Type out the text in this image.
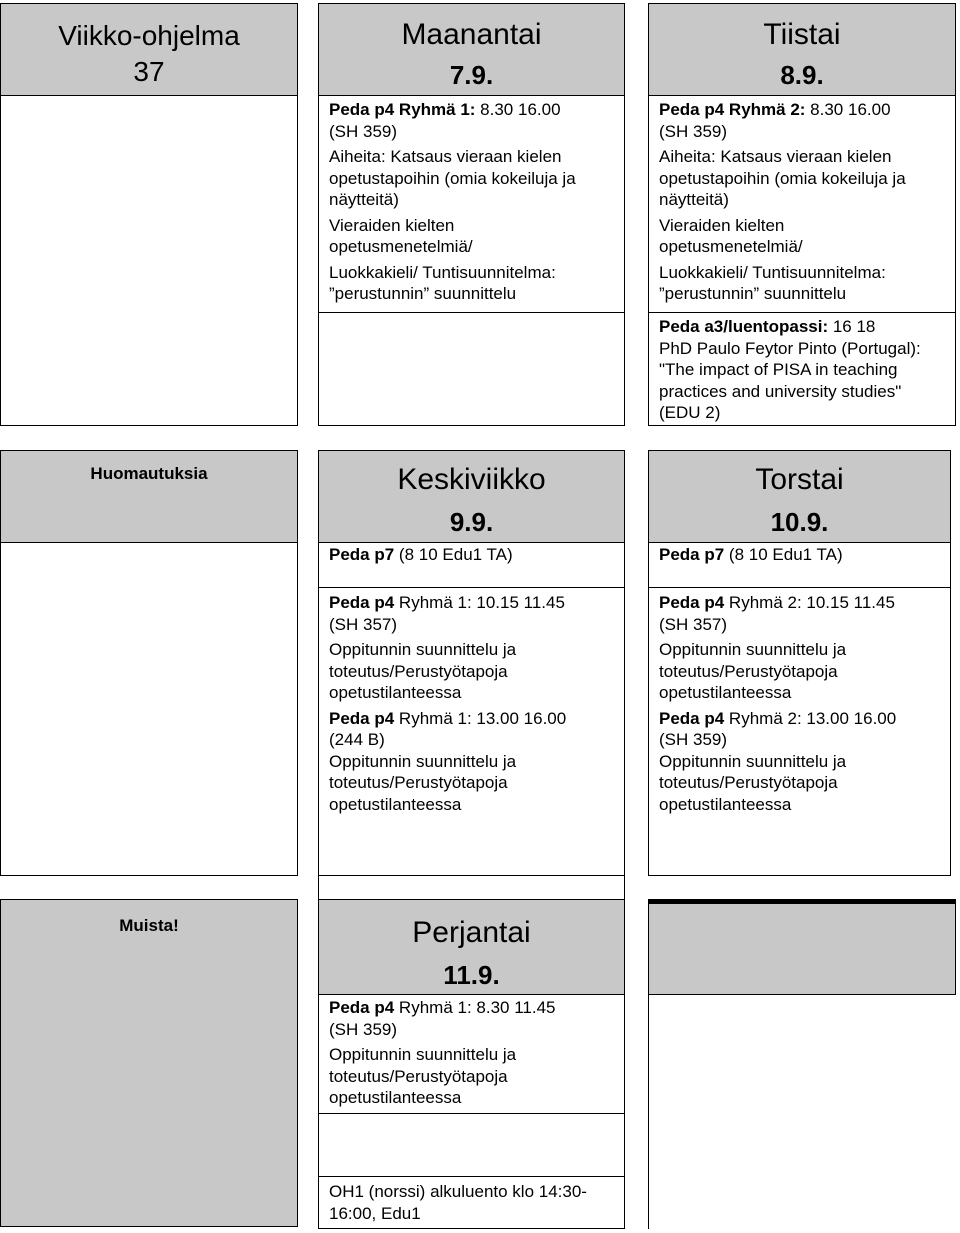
Viikko-ohjelma
37
Maanantai
7.9.

Peda p4 Ryhmä 1: 8.30 16.00

(SH 359)

Aiheita: Katsaus vieraan kielen

opetustapoihin (omia kokeiluja ja

näytteitä)

Vieraiden kielten

opetusmenetelmiä/

Luokkakieli/ Tuntisuunnitelma:

”perustunnin” suunnittelu

Tiistai
8.9.

Peda p4 Ryhmä 2: 8.30 16.00

(SH 359)

Aiheita: Katsaus vieraan kielen

opetustapoihin (omia kokeiluja ja

näytteitä)

Vieraiden kielten

opetusmenetelmiä/

Luokkakieli/ Tuntisuunnitelma:

”perustunnin” suunnittelu

Peda a3/luentopassi: 16 18

PhD Paulo Feytor Pinto (Portugal):

"The impact of PISA in teaching

practices and university studies"

(EDU 2)

Huomautuksia	Keskiviikko
9.9.

Peda p7 (8 10 Edu1 TA)

Peda p4 Ryhmä 1: 10.15 11.45

(SH 357)

Oppitunnin suunnittelu ja

toteutus/Perustyötapoja

opetustilanteessa

Peda p4 Ryhmä 1: 13.00 16.00

(244 B)

Oppitunnin suunnittelu ja

toteutus/Perustyötapoja

opetustilanteessa

Torstai
10.9.

Peda p7 (8 10 Edu1 TA)

Peda p4 Ryhmä 2: 10.15 11.45

(SH 357)

Oppitunnin suunnittelu ja

toteutus/Perustyötapoja

opetustilanteessa

Peda p4 Ryhmä 2: 13.00 16.00

(SH 359)

Oppitunnin suunnittelu ja

toteutus/Perustyötapoja

opetustilanteessa

Muista!	Perjantai
11.9.

Peda p4 Ryhmä 1: 8.30 11.45

(SH 359)

Oppitunnin suunnittelu ja

toteutus/Perustyötapoja

opetustilanteessa

OH1 (norssi) alkuluento klo 14:30-

16:00, Edu1
